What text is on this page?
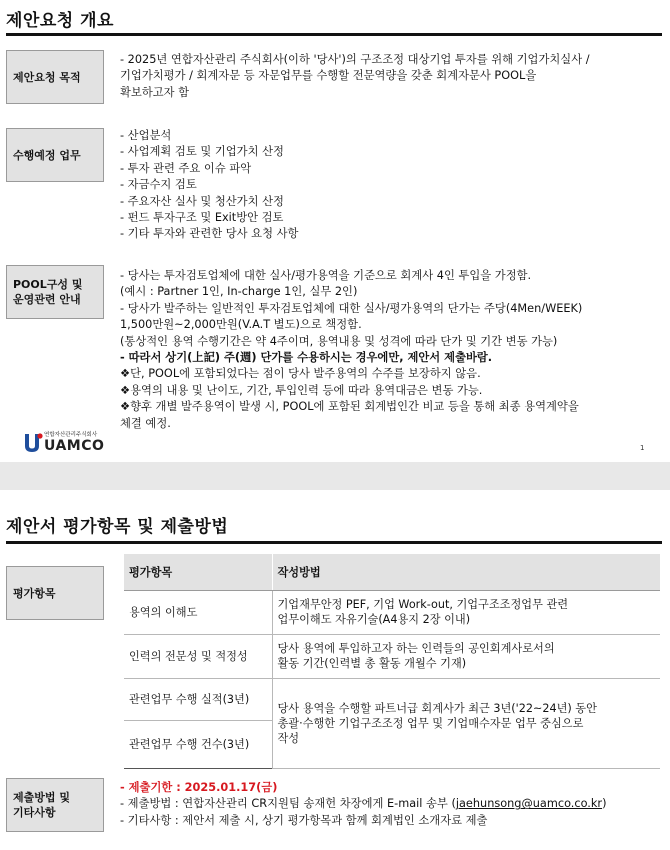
제안요청 개요
제안요청 목적
- 2025년 연합자산관리 주식회사(이하 '당사')의 구조조정 대상기업 투자를 위해 기업가치실사 /
기업가치평가 / 회계자문 등 자문업무를 수행할 전문역량을 갖춘 회계자문사 POOL을
확보하고자 함
수행예정 업무
- 산업분석
- 사업계획 검토 및 기업가치 산정
- 투자 관련 주요 이슈 파악
- 자금수지 검토
- 주요자산 실사 및 청산가치 산정
- 펀드 투자구조 및 Exit방안 검토
- 기타 투자와 관련한 당사 요청 사항
POOL구성 및
운영관련 안내
- 당사는 투자검토업체에 대한 실사/평가용역을 기준으로 회계사 4인 투입을 가정함.
(예시 : Partner 1인, In-charge 1인, 실무 2인)
- 당사가 발주하는 일반적인 투자검토업체에 대한 실사/평가용역의 단가는 주당(4Men/WEEK)
1,500만원~2,000만원(V.A.T 별도)으로 책정함.
(통상적인 용역 수행기간은 약 4주이며, 용역내용 및 성격에 따라 단가 및 기간 변동 가능)
- 따라서 상기(上記) 주(週) 단가를 수용하시는 경우에만, 제안서 제출바람.
❖단, POOL에 포함되었다는 점이 당사 발주용역의 수주를 보장하지 않음.
❖용역의 내용 및 난이도, 기간, 투입인력 등에 따라 용역대금은 변동 가능.
❖향후 개별 발주용역이 발생 시, POOL에 포함된 회계법인간 비교 등을 통해 최종 용역계약을
체결 예정.
연합자산관리주식회사
UAMCO	1
제안서 평가항목 및 제출방법
평가항목
평가항목	작성방법
용역의 이해도	기업재무안정 PEF, 기업 Work-out, 기업구조조정업무 관련
업무이해도 자유기술(A4용지 2장 이내)

인력의 전문성 및 적정성	당사 용역에 투입하고자 하는 인력들의 공인회계사로서의
활동 기간(인력별 총 활동 개월수 기재)

관련업무 수행 실적(3년)	당사 용역을 수행할 파트너급 회계사가 최근 3년('22~24년) 동안
총괄·수행한 기업구조조정 업무 및 기업매수자문 업무 중심으로
작성

관련업무 수행 건수(3년)	
제출방법 및
기타사항
- 제출기한 : 2025.01.17(금)
- 제출방법 : 연합자산관리 CR지원팀 송재헌 차장에게 E-mail 송부 (jaehunsong@uamco.co.kr)
- 기타사항 : 제안서 제출 시, 상기 평가항목과 함께 회계법인 소개자료 제출
